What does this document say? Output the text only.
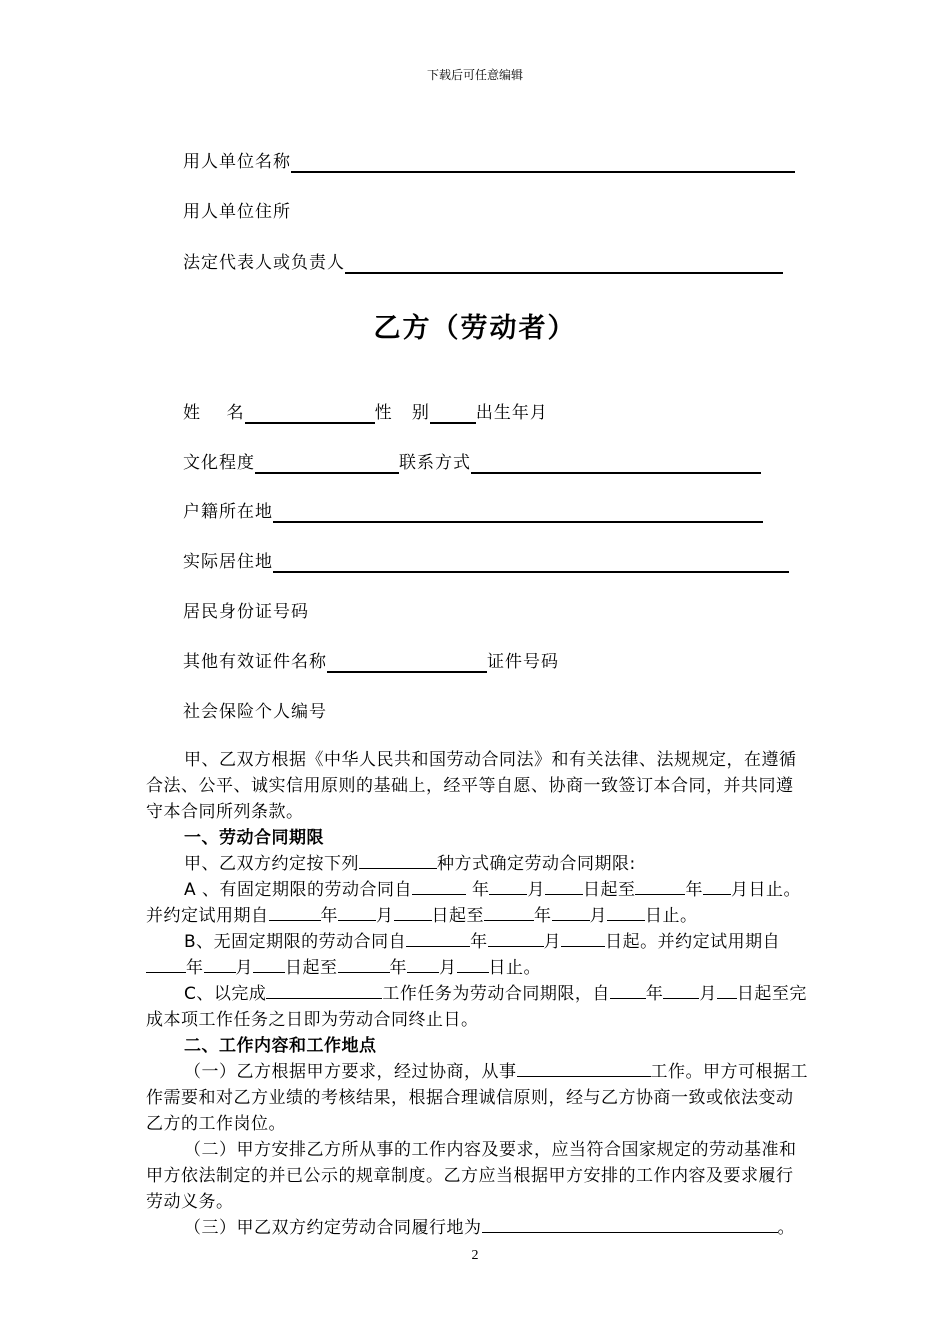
下载后可任意编辑
用人单位名称
用人单位住所
法定代表人或负责人
乙方（劳动者）
姓    名	性   别	出生年月
文化程度	联系方式
户籍所在地
实际居住地
居民身份证号码
其他有效证件名称	证件号码
社会保险个人编号

甲、乙双方根据《中华人民共和国劳动合同法》和有关法律、法规规定，在遵循合法、公平、诚实信用原则的基础上，经平等自愿、协商一致签订本合同，并共同遵守本合同所列条款。

一、劳动合同期限

甲、乙双方约定按下列	种方式确定劳动合同期限:

A 、有固定期限的劳动合同自	年 月 日起至	年 月日止。并约定试用期自	年 月 日起至	年 月 日止。

B、无固定期限的劳动合同自	年	月	日起。并约定试用期自年 月 日起至	年 月 日止。

C、以完成	工作任务为劳动合同期限，自 年 月 日起至完成本项工作任务之日即为劳动合同终止日。

二、工作内容和工作地点

（一）乙方根据甲方要求，经过协商，从事	工作。甲方可根据工作需要和对乙方业绩的考核结果，根据合理诚信原则，经与乙方协商一致或依法变动乙方的工作岗位。

（二）甲方安排乙方所从事的工作内容及要求，应当符合国家规定的劳动基准和甲方依法制定的并已公示的规章制度。乙方应当根据甲方安排的工作内容及要求履行劳动义务。

（三）甲乙双方约定劳动合同履行地为	。

2
